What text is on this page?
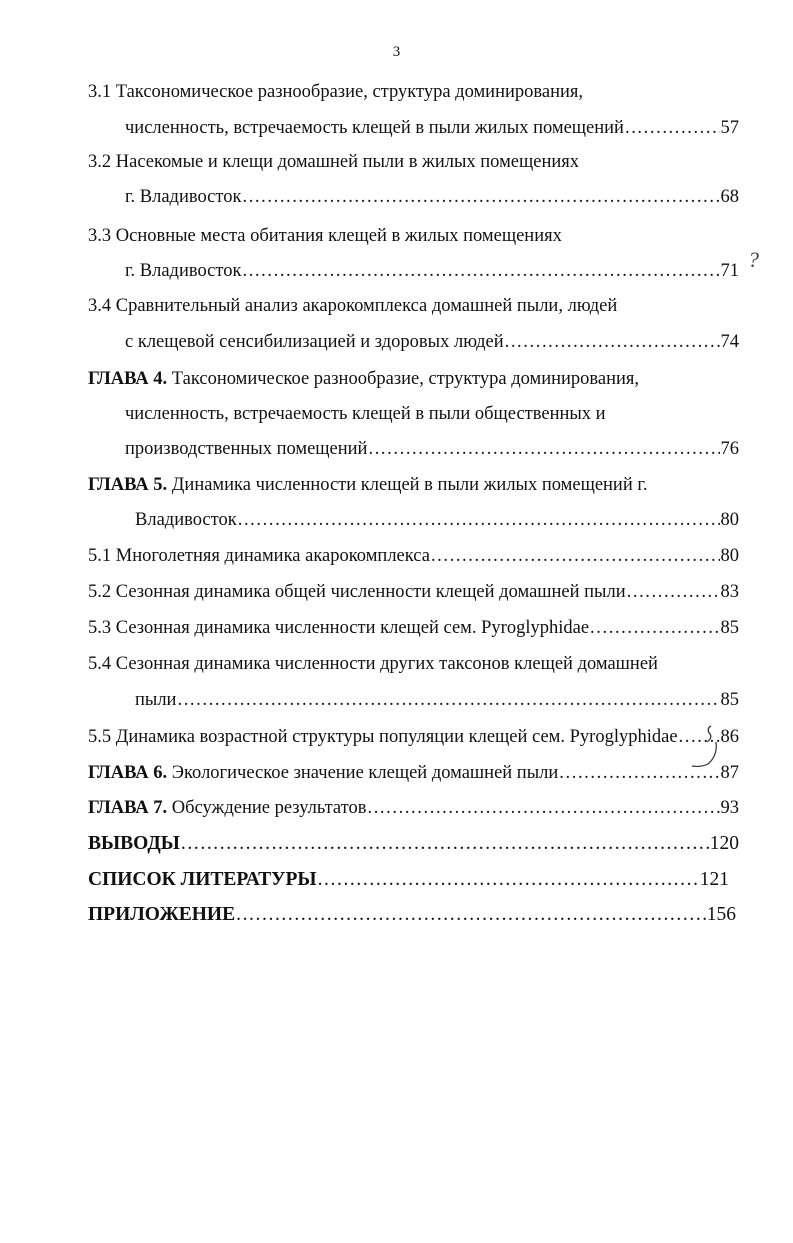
3
3.1 Таксономическое разнообразие, структура доминирования,
численность, встречаемость клещей в пыли жилых помещений .....	57
3.2 Насекомые и клещи домашней пыли в жилых помещениях
г. Владивосток .....	68
3.3 Основные места обитания клещей в жилых помещениях
г. Владивосток .....	71 ?
3.4 Сравнительный анализ акарокомплекса домашней пыли, людей
с клещевой сенсибилизацией и здоровых людей .....	74
ГЛАВА 4. Таксономическое разнообразие, структура доминирования,
численность, встречаемость клещей в пыли общественных и
производственных помещений .....	76
ГЛАВА 5. Динамика численности клещей в пыли жилых помещений г.
Владивосток .....	80
5.1 Многолетняя динамика акарокомплекса .....	80
5.2 Сезонная динамика общей численности клещей домашней пыли .....	83
5.3 Сезонная динамика численности клещей сем. Pyroglyphidae .....	85
5.4 Сезонная динамика численности других таксонов клещей домашней
пыли .....	85
5.5 Динамика возрастной структуры популяции клещей сем. Pyroglyphidae ..... 86
ГЛАВА 6. Экологическое значение клещей домашней пыли .....	87
ГЛАВА 7. Обсуждение результатов .....	93
ВЫВОДЫ .....	120
СПИСОК ЛИТЕРАТУРЫ .....	121
ПРИЛОЖЕНИЕ .....	156
